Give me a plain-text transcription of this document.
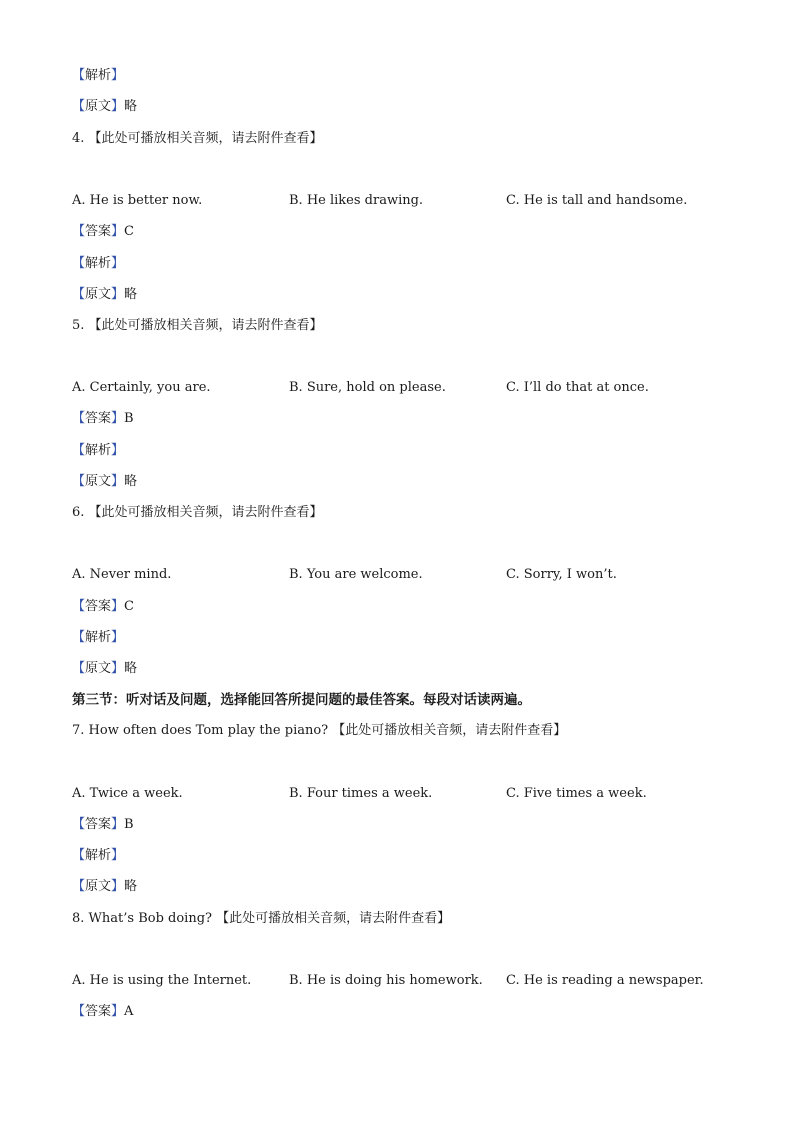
【解析】
【原文】略
4. 【此处可播放相关音频，请去附件查看】
A. He is better now.	B. He likes drawing.	C. He is tall and handsome.
【答案】C
【解析】
【原文】略
5. 【此处可播放相关音频，请去附件查看】
A. Certainly, you are.	B. Sure, hold on please.	C. I’ll do that at once.
【答案】B
【解析】
【原文】略
6. 【此处可播放相关音频，请去附件查看】
A. Never mind.	B. You are welcome.	C. Sorry, I won’t.
【答案】C
【解析】
【原文】略
第三节：听对话及问题，选择能回答所提问题的最佳答案。每段对话读两遍。
7. How often does Tom play the piano? 【此处可播放相关音频，请去附件查看】
A. Twice a week.	B. Four times a week.	C. Five times a week.
【答案】B
【解析】
【原文】略
8. What’s Bob doing? 【此处可播放相关音频，请去附件查看】
A. He is using the Internet.	B. He is doing his homework. C. He is reading a newspaper.
【答案】A
